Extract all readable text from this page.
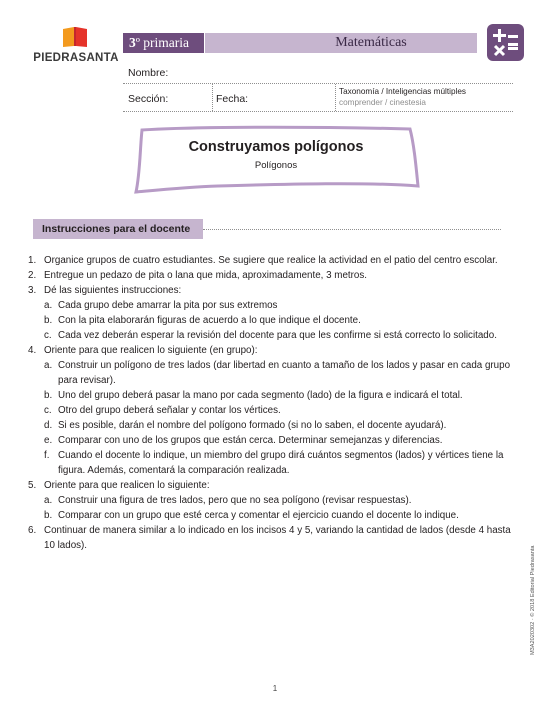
PIEDRASANTA
3º primaria	Matemáticas
Nombre:
Sección:	Fecha:
Taxonomía / Inteligencias múltiples
comprender / cinestesia
Construyamos polígonos
Polígonos
Instrucciones para el docente
1. Organice grupos de cuatro estudiantes. Se sugiere que realice la actividad en el patio del centro escolar.
2. Entregue un pedazo de pita o lana que mida, aproximadamente, 3 metros.
3. Dé las siguientes instrucciones:
a. Cada grupo debe amarrar la pita por sus extremos
b. Con la pita elaborarán figuras de acuerdo a lo que indique el docente.
c. Cada vez deberán esperar la revisión del docente para que les confirme si está correcto lo solicitado.
4. Oriente para que realicen lo siguiente (en grupo):
a. Construir un polígono de tres lados (dar libertad en cuanto a tamaño de los lados y pasar en cada grupo para revisar).
b. Uno del grupo deberá pasar la mano por cada segmento (lado) de la figura e indicará el total.
c. Otro del grupo deberá señalar y contar los vértices.
d. Si es posible, darán el nombre del polígono formado (si no lo saben, el docente ayudará).
e. Comparar con uno de los grupos que están cerca. Determinar semejanzas y diferencias.
f. Cuando el docente lo indique, un miembro del grupo dirá cuántos segmentos (lados) y vértices tiene la figura. Además, comentará la comparación realizada.
5. Oriente para que realicen lo siguiente:
a. Construir una figura de tres lados, pero que no sea polígono (revisar respuestas).
b. Comparar con un grupo que esté cerca y comentar el ejercicio cuando el docente lo indique.
6. Continuar de manera similar a lo indicado en los incisos 4 y 5, variando la cantidad de lados (desde 4 hasta 10 lados).	M3A2020302 · © 2018 Editorial Piedrasanta
1
